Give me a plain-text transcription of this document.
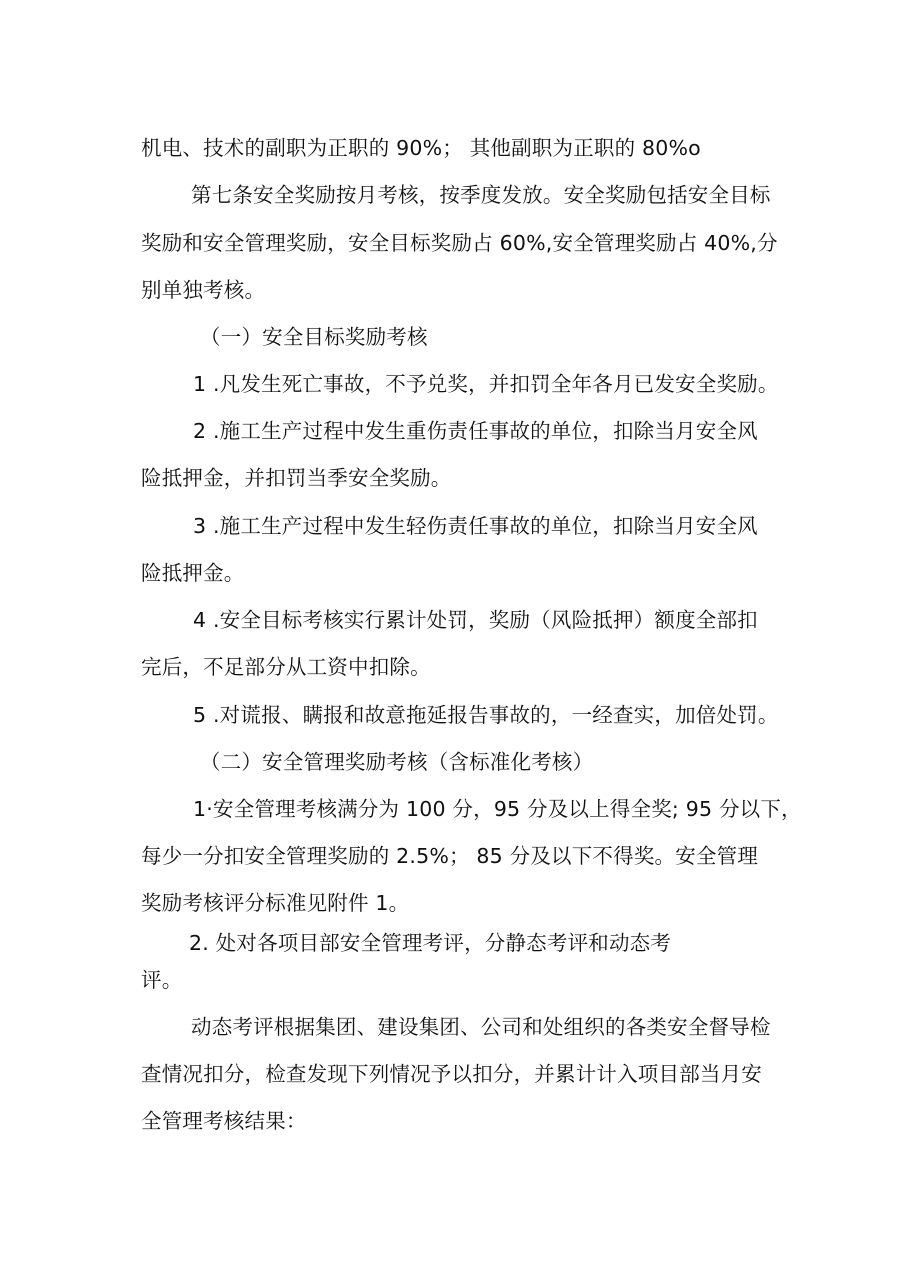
机电、技术的副职为正职的 90%； 其他副职为正职的 80%o
第七条安全奖励按月考核，按季度发放。安全奖励包括安全目标
奖励和安全管理奖励，安全目标奖励占 60%,安全管理奖励占 40%,分
别单独考核。
（一）安全目标奖励考核
1 .凡发生死亡事故，不予兑奖，并扣罚全年各月已发安全奖励。
2 .施工生产过程中发生重伤责任事故的单位，扣除当月安全风
险抵押金，并扣罚当季安全奖励。
3 .施工生产过程中发生轻伤责任事故的单位，扣除当月安全风
险抵押金。
4 .安全目标考核实行累计处罚，奖励（风险抵押）额度全部扣
完后，不足部分从工资中扣除。
5 .对谎报、瞒报和故意拖延报告事故的，一经查实，加倍处罚。
（二）安全管理奖励考核（含标准化考核）
1·安全管理考核满分为 100 分，95 分及以上得全奖; 95 分以下，
每少一分扣安全管理奖励的 2.5%； 85 分及以下不得奖。安全管理
奖励考核评分标准见附件 1。
2. 处对各项目部安全管理考评，分静态考评和动态考
评。
动态考评根据集团、建设集团、公司和处组织的各类安全督导检
查情况扣分，检查发现下列情况予以扣分，并累计计入项目部当月安
全管理考核结果：
